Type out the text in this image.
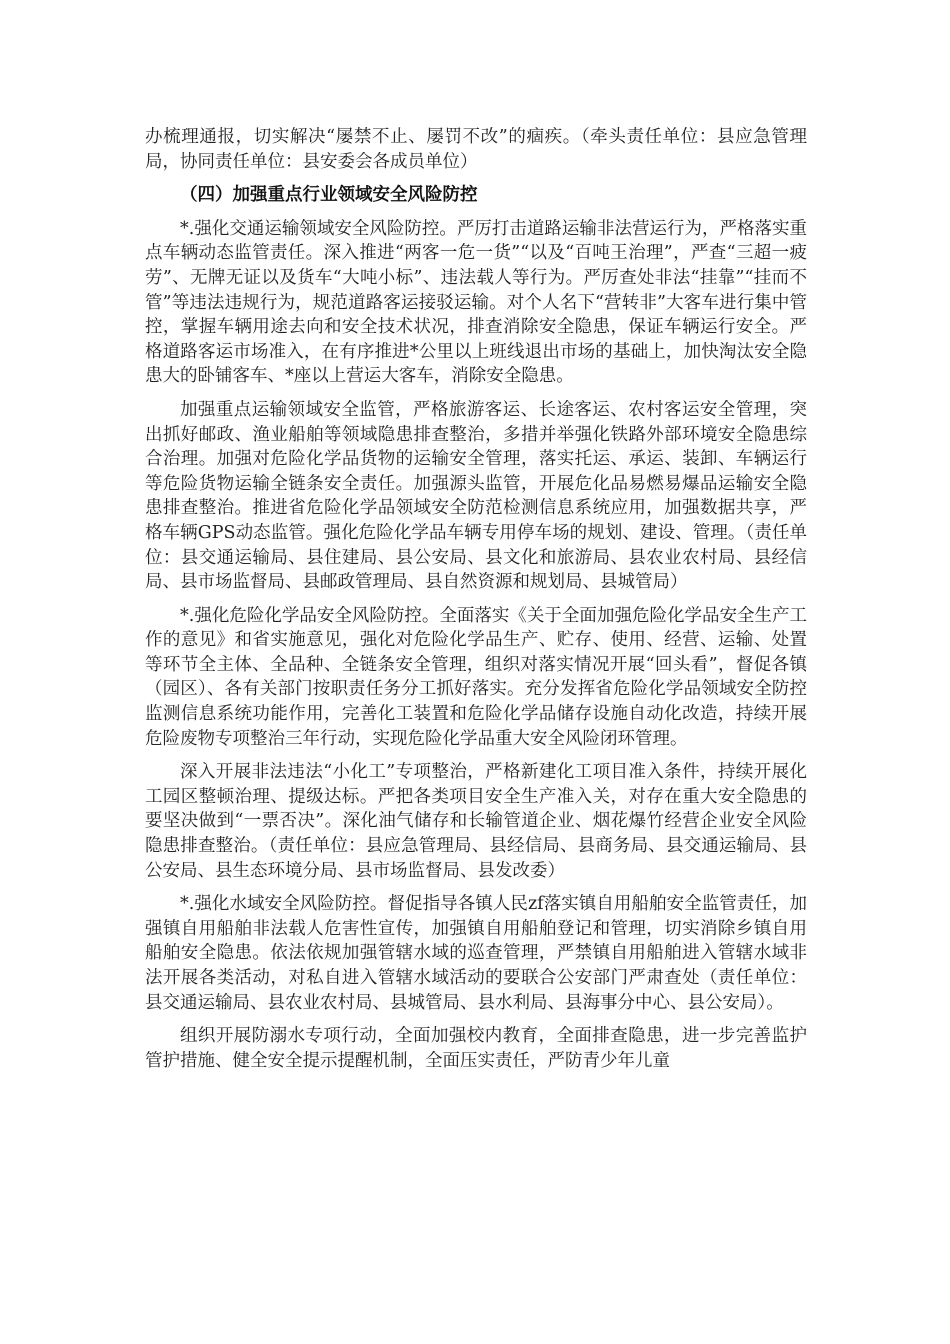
办梳理通报，切实解决“屡禁不止、屡罚不改”的痼疾。（牵头责任单位：县应急管理局，协同责任单位：县安委会各成员单位）

（四）加强重点行业领域安全风险防控

*.强化交通运输领域安全风险防控。严厉打击道路运输非法营运行为，严格落实重点车辆动态监管责任。深入推进“两客一危一货”“以及“百吨王治理”，严查“三超一疲劳”、无牌无证以及货车“大吨小标”、违法载人等行为。严厉查处非法“挂靠”“挂而不管”等违法违规行为，规范道路客运接驳运输。对个人名下“营转非”大客车进行集中管控，掌握车辆用途去向和安全技术状况，排查消除安全隐患，保证车辆运行安全。严格道路客运市场准入，在有序推进*公里以上班线退出市场的基础上，加快淘汰安全隐患大的卧铺客车、*座以上营运大客车，消除安全隐患。

加强重点运输领域安全监管，严格旅游客运、长途客运、农村客运安全管理，突出抓好邮政、渔业船舶等领域隐患排查整治，多措并举强化铁路外部环境安全隐患综合治理。加强对危险化学品货物的运输安全管理，落实托运、承运、装卸、车辆运行等危险货物运输全链条安全责任。加强源头监管，开展危化品易燃易爆品运输安全隐患排查整治。推进省危险化学品领域安全防范检测信息系统应用，加强数据共享，严格车辆GPS动态监管。强化危险化学品车辆专用停车场的规划、建设、管理。（责任单位：县交通运输局、县住建局、县公安局、县文化和旅游局、县农业农村局、县经信局、县市场监督局、县邮政管理局、县自然资源和规划局、县城管局）

*.强化危险化学品安全风险防控。全面落实《关于全面加强危险化学品安全生产工作的意见》和省实施意见，强化对危险化学品生产、贮存、使用、经营、运输、处置等环节全主体、全品种、全链条安全管理，组织对落实情况开展“回头看”，督促各镇（园区）、各有关部门按职责任务分工抓好落实。充分发挥省危险化学品领域安全防控监测信息系统功能作用，完善化工装置和危险化学品储存设施自动化改造，持续开展危险废物专项整治三年行动，实现危险化学品重大安全风险闭环管理。

深入开展非法违法“小化工”专项整治，严格新建化工项目准入条件，持续开展化工园区整顿治理、提级达标。严把各类项目安全生产准入关，对存在重大安全隐患的要坚决做到“一票否决”。深化油气储存和长输管道企业、烟花爆竹经营企业安全风险隐患排查整治。（责任单位：县应急管理局、县经信局、县商务局、县交通运输局、县公安局、县生态环境分局、县市场监督局、县发改委）

*.强化水域安全风险防控。督促指导各镇人民zf落实镇自用船舶安全监管责任，加强镇自用船舶非法载人危害性宣传，加强镇自用船舶登记和管理，切实消除乡镇自用船舶安全隐患。依法依规加强管辖水域的巡查管理，严禁镇自用船舶进入管辖水域非法开展各类活动，对私自进入管辖水域活动的要联合公安部门严肃查处（责任单位：县交通运输局、县农业农村局、县城管局、县水利局、县海事分中心、县公安局）。

组织开展防溺水专项行动，全面加强校内教育，全面排查隐患，进一步完善监护管护措施、健全安全提示提醒机制，全面压实责任，严防青少年儿童
